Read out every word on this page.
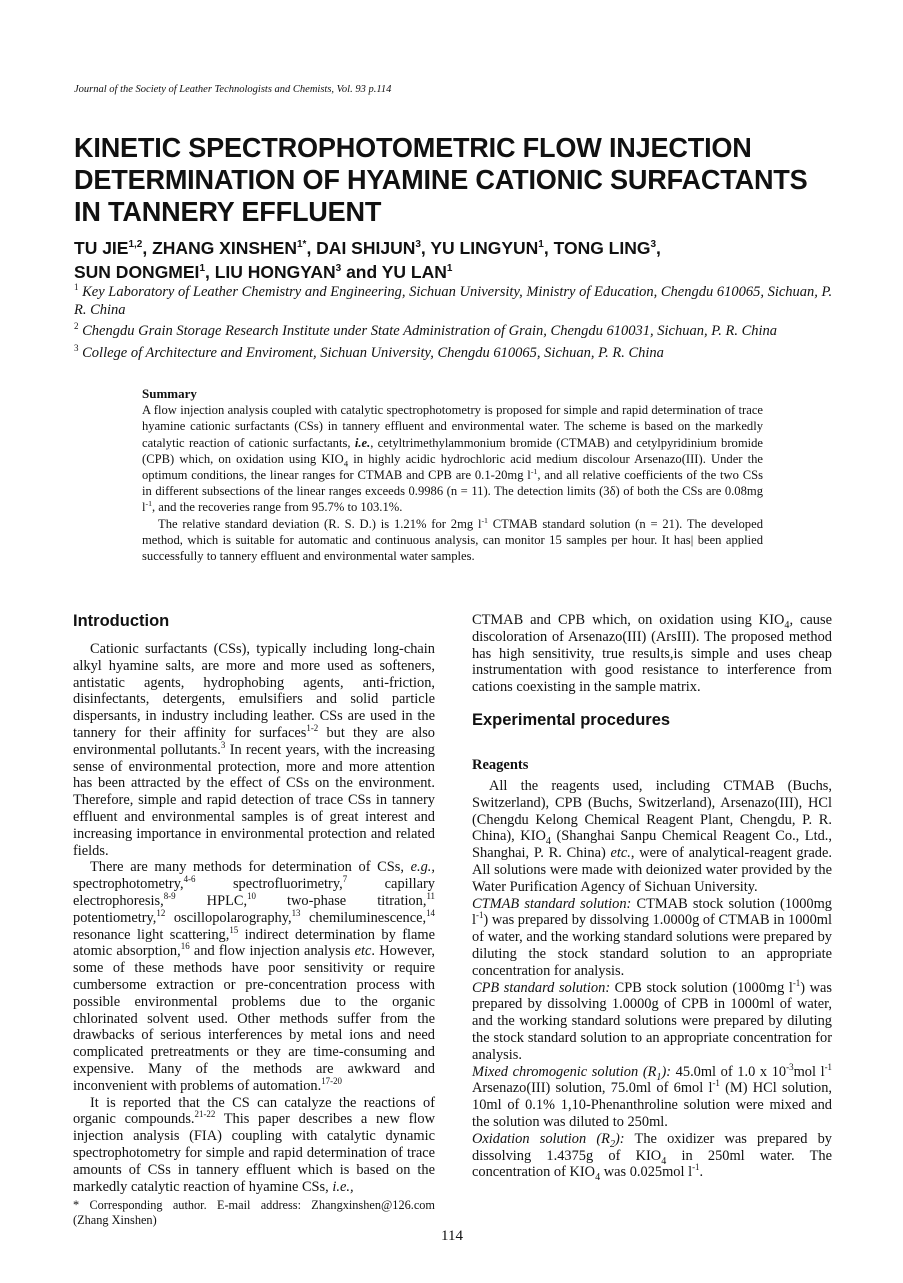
Journal of the Society of Leather Technologists and Chemists, Vol. 93 p.114
KINETIC SPECTROPHOTOMETRIC FLOW INJECTION
DETERMINATION OF HYAMINE CATIONIC SURFACTANTS
IN TANNERY EFFLUENT
TU JIE$^{1,2}$, ZHANG $XINSHEN^{1*}$, DAI SHIJUN$^3$, YU LINGYUN$^1$, TONG LING$^3$,
SUN DONGMEI$^1$, LIU HONGYAN$^3$ and YU LAN$^1$

$^1$ Key Laboratory of Leather Chemistry and Engineering, Sichuan University, Ministry of Education, Chengdu 610065, Sichuan, P. R. China

$^2$ Chengdu Grain Storage Research Institute under State Administration of Grain, Chengdu 610031, Sichuan, P. R. China

$^3$ College of Architecture and Enviroment, Sichuan University, Chengdu 610065, Sichuan, P. R. China

Summary

A flow injection analysis coupled with catalytic spectrophotometry is proposed for simple and rapid determination of trace hyamine cationic surfactants (CSs) in tannery effluent and environmental water. The scheme is based on the markedly catalytic reaction of cationic surfactants, i.e., cetyltrimethylammonium bromide (CTMAB) and cetylpyridinium bromide (CPB) which, on oxidation using $KIO_4$ in highly acidic hydrochloric acid medium discolour Arsenazo(III). Under the optimum conditions, the linear ranges for CTMAB and CPB are 0.1-20mg $l^{-1}$, and all relative coefficients of the two CSs in different subsections of the linear ranges exceeds 0.9986 (n = 11). The detection limits (3δ) of both the CSs are 0.08mg $l^{-1}$, and the recoveries range from 95.7% to 103.1%.

The relative standard deviation (R. S. D.) is 1.21% for 2mg $l^{-1}$ CTMAB standard solution (n = 21). The developed method, which is suitable for automatic and continuous analysis, can monitor 15 samples per hour. It has| been applied successfully to tannery effluent and environmental water samples.

Introduction

Cationic surfactants (CSs), typically including long-chain alkyl hyamine salts, are more and more used as softeners, antistatic agents, hydrophobing agents, anti-friction, disinfectants, detergents, emulsifiers and solid particle dispersants, in industry including leather. CSs are used in the tannery for their affinity for surfaces$^{1-2}$ but they are also environmental pollutants.$^3$ In recent years, with the increasing sense of environmental protection, more and more attention has been attracted by the effect of CSs on the environment. Therefore, simple and rapid detection of trace CSs in tannery effluent and environmental samples is of great interest and increasing importance in environmental protection and related fields.

There are many methods for determination of CSs, e.g., spectrophotometry,$^{4-6}$ spectrofluorimetry,$^7$ capillary electrophoresis,$^{8-9}$ HPLC,$^{10}$ two-phase titration,$^{11}$ potentiometry,$^{12}$ oscillopolarography,$^{13}$ chemiluminescence,$^{14}$ resonance light scattering,$^{15}$ indirect determination by flame atomic absorption,$^{16}$ and flow injection analysis etc. However, some of these methods have poor sensitivity or require cumbersome extraction or pre-concentration process with possible environmental problems due to the organic chlorinated solvent used. Other methods suffer from the drawbacks of serious interferences by metal ions and need complicated pretreatments or they are time-consuming and expensive. Many of the methods are awkward and inconvenient with problems of automation.$^{17-20}$

It is reported that the CS can catalyze the reactions of organic compounds.$^{21-22}$ This paper describes a new flow injection analysis (FIA) coupling with catalytic dynamic spectrophotometry for simple and rapid determination of trace amounts of CSs in tannery effluent which is based on the markedly catalytic reaction of hyamine CSs, i.e.,

CTMAB and CPB which, on oxidation using $KIO_4$, cause discoloration of Arsenazo(III) (ArsIII). The proposed method has high sensitivity, true results,is simple and uses cheap instrumentation with good resistance to interference from cations coexisting in the sample matrix.

Experimental procedures
Reagents

All the reagents used, including CTMAB (Buchs, Switzerland), CPB (Buchs, Switzerland), Arsenazo(III), HCl (Chengdu Kelong Chemical Reagent Plant, Chengdu, P. R. China), $KIO_4$ (Shanghai Sanpu Chemical Reagent Co., Ltd., Shanghai, P. R. China) etc., were of analytical-reagent grade. All solutions were made with deionized water provided by the Water Purification Agency of Sichuan University.

CTMAB standard solution: CTMAB stock solution (1000mg $l^{-1}$) was prepared by dissolving 1.0000g of CTMAB in 1000ml of water, and the working standard solutions were prepared by diluting the stock standard solution to an appropriate concentration for analysis.

CPB standard solution: CPB stock solution (1000mg $l^{-1}$) was prepared by dissolving 1.0000g of CPB in 1000ml of water, and the working standard solutions were prepared by diluting the stock standard solution to an appropriate concentration for analysis.

Mixed chromogenic solution $(R_1)$: 45.0ml of 1.0 x $10^{-3}mol$ $l^{-1}$ Arsenazo(III) solution, 75.0ml of 6mol $l^{-1}$ (M) HCl solution, 10ml of 0.1% 1,10-Phenanthroline solution were mixed and the solution was diluted to 250ml.

Oxidation solution $(R_2)$: The oxidizer was prepared by dissolving 1.4375g of $KIO_4$ in 250ml water. The concentration of $KIO_4$ was 0.025mol $l^{-1}$.

* Corresponding author. E-mail address: Zhangxinshen@126.com (Zhang Xinshen)
114
